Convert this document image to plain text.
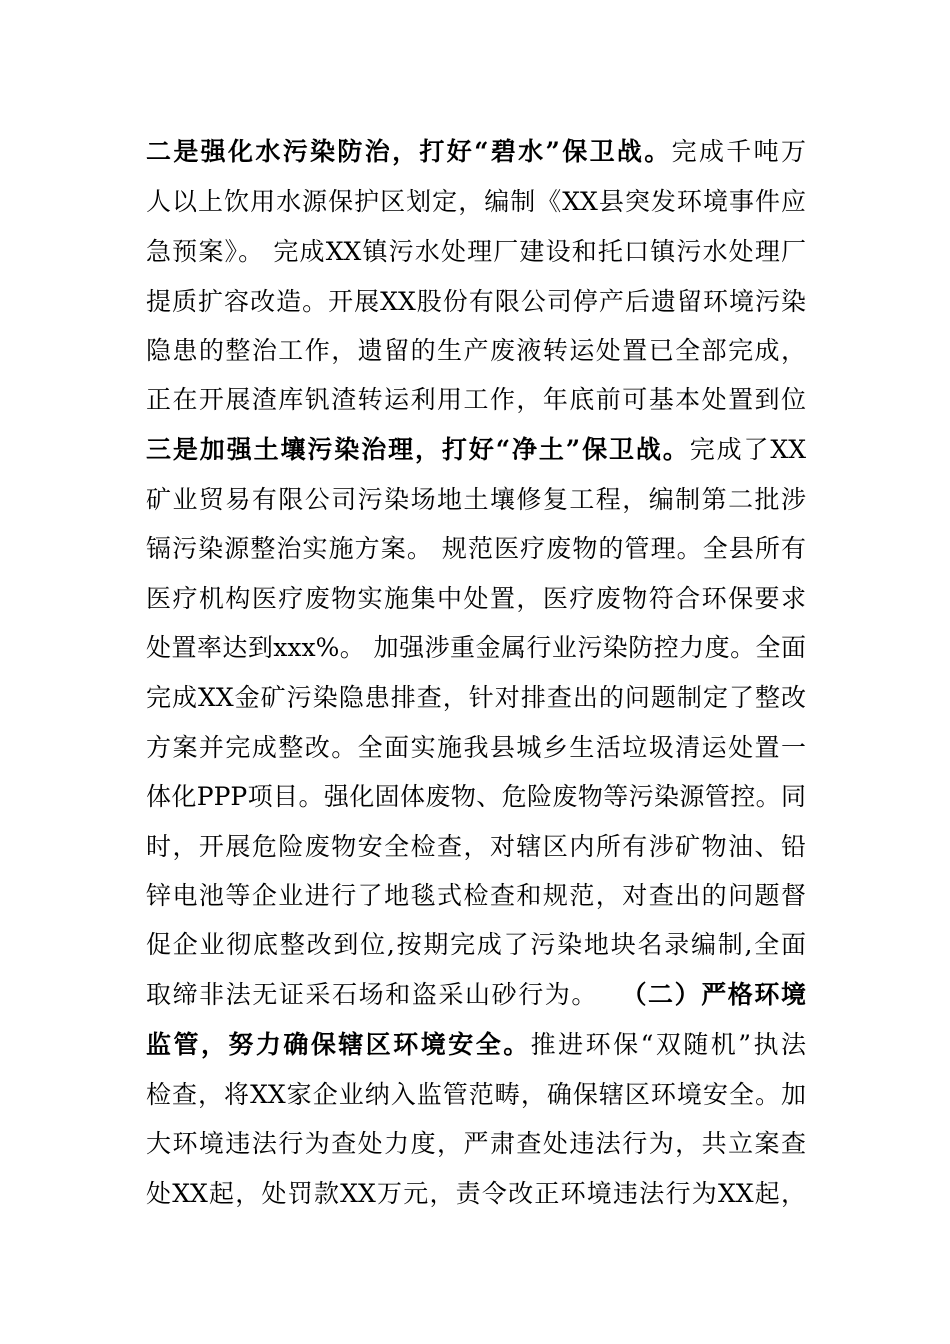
二是强化水污染防治，打好“碧水”保卫战。完成千吨万
人以上饮用水源保护区划定，编制《XX县突发环境事件应
急预案》。 完成XX镇污水处理厂建设和托口镇污水处理厂
提质扩容改造。开展XX股份有限公司停产后遗留环境污染
隐患的整治工作，遗留的生产废液转运处置已全部完成，
正在开展渣库钒渣转运利用工作，年底前可基本处置到位
三是加强土壤污染治理，打好“净土”保卫战。完成了XX
矿业贸易有限公司污染场地土壤修复工程，编制第二批涉
镉污染源整治实施方案。 规范医疗废物的管理。全县所有
医疗机构医疗废物实施集中处置，医疗废物符合环保要求
处置率达到xxx%。 加强涉重金属行业污染防控力度。全面
完成XX金矿污染隐患排查，针对排查出的问题制定了整改
方案并完成整改。全面实施我县城乡生活垃圾清运处置一
体化PPP项目。强化固体废物、危险废物等污染源管控。同
时，开展危险废物安全检查，对辖区内所有涉矿物油、铅
锌电池等企业进行了地毯式检查和规范，对查出的问题督
促企业彻底整改到位,按期完成了污染地块名录编制,全面
取缔非法无证采石场和盗采山砂行为。 （二）严格环境
监管，努力确保辖区环境安全。推进环保“双随机”执法
检查，将XX家企业纳入监管范畴，确保辖区环境安全。加
大环境违法行为查处力度，严肃查处违法行为，共立案查
处XX起，处罚款XX万元，责令改正环境违法行为XX起，
